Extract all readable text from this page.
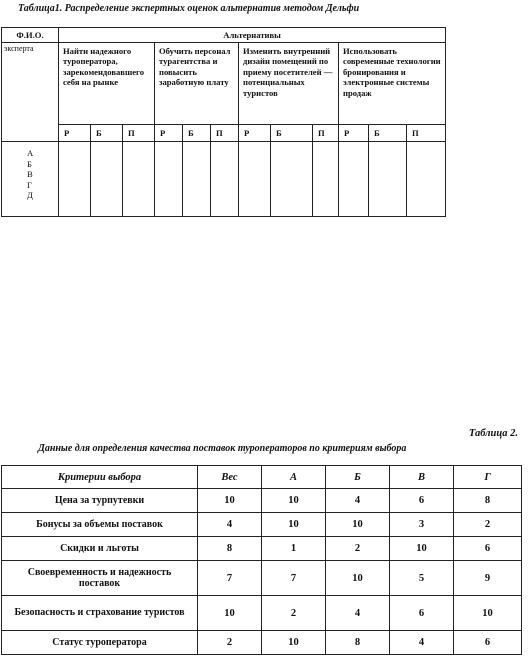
Таблица1. Распределение экспертных оценок альтернатив методом Дельфи
Ф.И.О.	Альтернативы											
эксперта	Найти надежного туроператора, зарекомендовавшего себя на рынке			Обучить персонал турагентства и повысить заработную плату			Изменить внутренний дизайн помещений по приему посетителей — потенциальных туристов			Использовать современные технологии бронирования и электронные системы продаж		
	Р	Б	П	Р	Б	П	Р	Б	П	Р	Б	П

А
Б
В
Г
Д												

Таблица 2.
Данные для определения качества поставок туроператоров по критериям выбора
Критерии выбора	Вес	А	Б	В	Г
Цена за турпутевки	10	10	4	6	8
Бонусы за объемы поставок	4	10	10	3	2
Скидки и льготы	8	1	2	10	6
Своевременность и надежность поставок	7	7	10	5	9
Безопасность и страхование туристов	10	2	4	6	10
Статус туроператора	2	10	8	4	6
